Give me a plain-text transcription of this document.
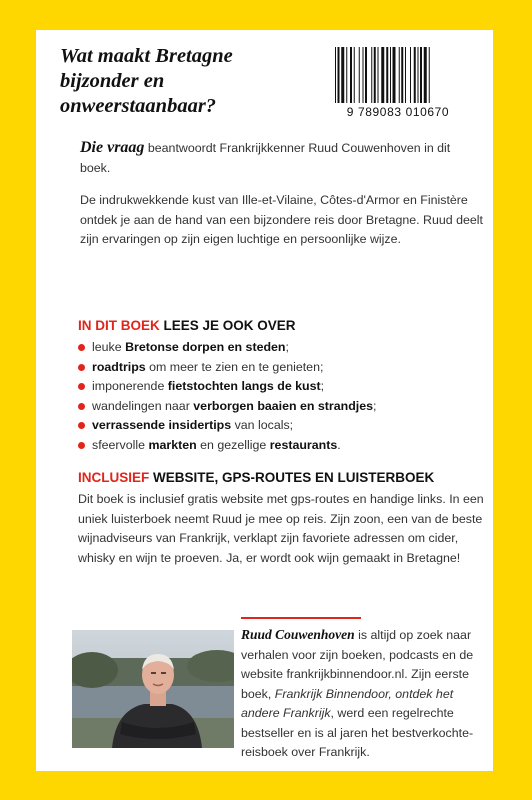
Wat maakt Bretagne
bijzonder en
onweerstaanbaar?	9 789083 010670
Die vraag beantwoordt Frankrijkkenner Ruud Couwenhoven in dit boek.
De indrukwekkende kust van Ille-et-Vilaine, Côtes-d'Armor en Finistère ontdek je aan de hand van een bijzondere reis door Bretagne. Ruud deelt zijn ervaringen op zijn eigen luchtige en persoonlijke wijze.
IN DIT BOEK LEES JE OOK OVER
leuke Bretonse dorpen en steden;
roadtrips om meer te zien en te genieten;
imponerende fietstochten langs de kust;
wandelingen naar verborgen baaien en strandjes;
verrassende insidertips van locals;
sfeervolle markten en gezellige restaurants.
INCLUSIEF WEBSITE, GPS-ROUTES EN LUISTERBOEK
Dit boek is inclusief gratis website met gps-routes en handige links. In een uniek luisterboek neemt Ruud je mee op reis. Zijn zoon, een van de beste wijnadviseurs van Frankrijk, verklapt zijn favoriete adressen om cider, whisky en wijn te proeven. Ja, er wordt ook wijn gemaakt in Bretagne!
Ruud Couwenhoven is altijd op zoek naar verhalen voor zijn boeken, podcasts en de website frankrijkbinnendoor.nl. Zijn eerste boek, Frankrijk Binnendoor, ontdek het andere Frankrijk, werd een regelrechte bestseller en is al jaren het bestverkochte-reisboek over Frankrijk.
